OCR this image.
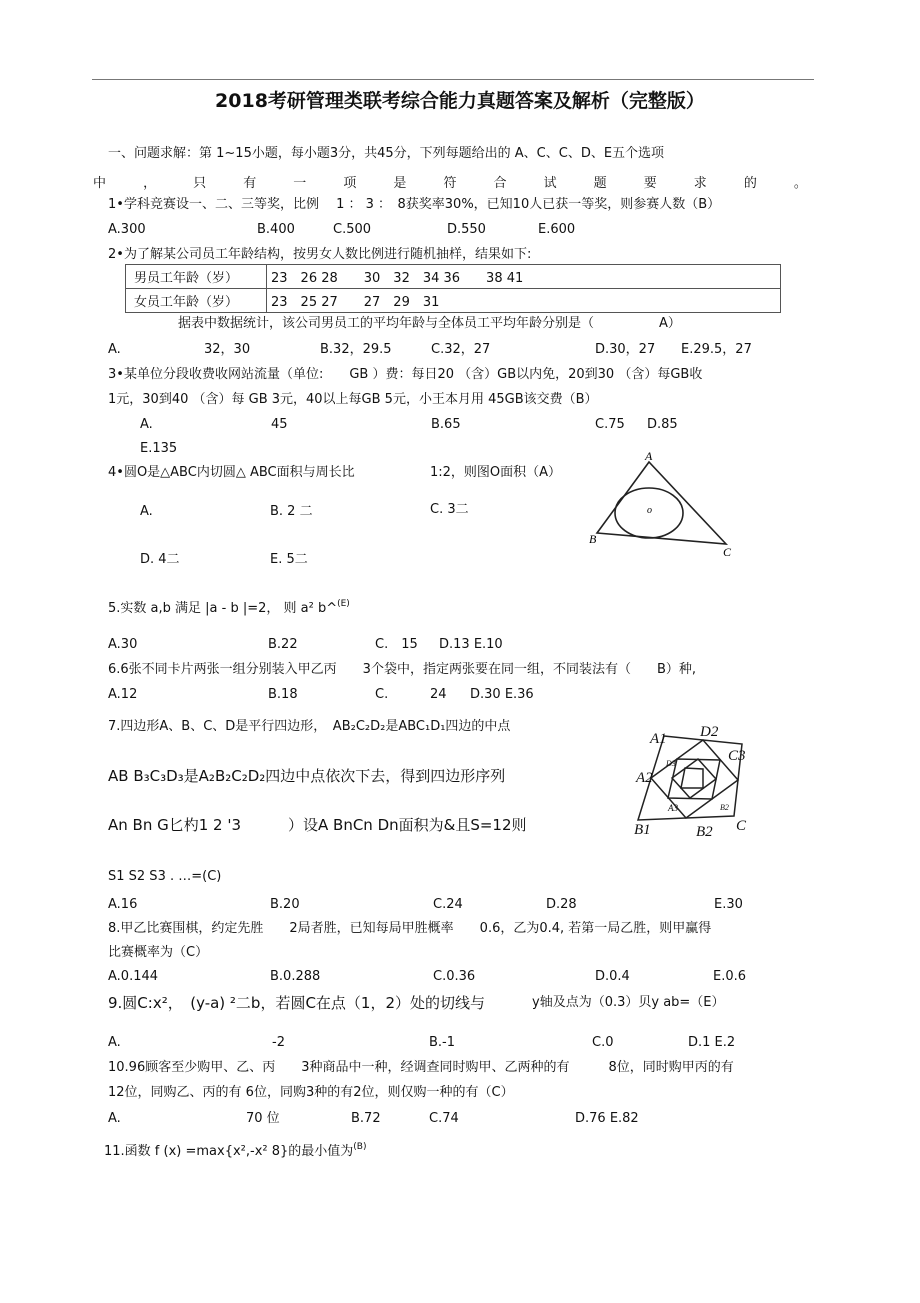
2018考研管理类联考综合能力真题答案及解析（完整版）
一、问题求解：第 1~15小题，每小题3分，共45分，下列每题给出的 A、C、C、D、E五个选项
中	，	只	有	一	项	是	符	合	试	题	要	求	的	。
1•学科竞赛设一、二、三等奖，比例　 1 ： 3 ：　8获奖率30%，已知10人已获一等奖，则参赛人数（B）
A.300	B.400	C.500	D.550	E.600
2•为了解某公司员工年龄结构，按男女人数比例进行随机抽样，结果如下:
男员工年龄（岁）	23　26 28　　30　32　34 36　　38 41
女员工年龄（岁）	23　25 27　　27　29　31
据表中数据统计，该公司男员工的平均年龄与全体员工平均年龄分别是（　　　　　A）
A.	32，30	B.32，29.5	C.32，27	D.30，27 E.29.5，27
3•某单位分段收费收网站流量（单位:　　GB ）费：每日20 （含）GB以内免，20到30 （含）每GB收
1元，30到40 （含）每 GB 3元，40以上每GB 5元，小王本月用 45GB该交费（B）
A.	45	B.65	C.75 D.85
E.135
4•圆O是△ABC内切圆△ ABC面积与周长比	1:2，则图O面积（A）
A.	B. 2 二	C. 3二
D. 4二	E. 5二
A
B
C
o
5.实数 a,b 满足 |a - b |=2， 则 a² b^$^{(E)}$
A.30	B.22	C.　15 D.13 E.10
6.6张不同卡片两张一组分别装入甲乙丙　　3个袋中，指定两张要在同一组，不同装法有（　　B）种,
A.12	B.18	C.	24 D.30 E.36
7.四边形A、B、C、D是平行四边形，　AB₂C₂D₂是ABC₁D₁四边的中点
AB B₃C₃D₃是A₂B₂C₂D₂四边中点依次下去，得到四边形序列
An Bn G匕杓1 2 '3	）设A BnCn Dn面积为&且S=12则
S1 S2 S3 . …=(C)
A.16	B.20	C.24	D.28	E.30
A1 D2
C3
A2
D3
B2
A3
B1	B2 C
8.甲乙比赛围棋，约定先胜　　2局者胜，已知每局甲胜概率　　0.6，乙为0.4, 若第一局乙胜，则甲赢得
比赛概率为（C）
A.0.144	B.0.288	C.0.36	D.0.4	E.0.6
9.圆C:x²，　(y-a) ²二b，若圆C在点（1，2）处的切线与	y轴及点为（0.3）贝y ab=（E）
A.	-2	B.-1	C.0	D.1 E.2
10.96顾客至少购甲、乙、丙　　3种商品中一种，经调查同时购甲、乙两种的有　　　8位，同时购甲丙的有
12位，同购乙、丙的有 6位，同购3种的有2位，则仅购一种的有（C）
A.	70 位	B.72	C.74	D.76 E.82
11.函数 f (x) =max{x²,-x² 8}的最小值为$^{(B)}$
